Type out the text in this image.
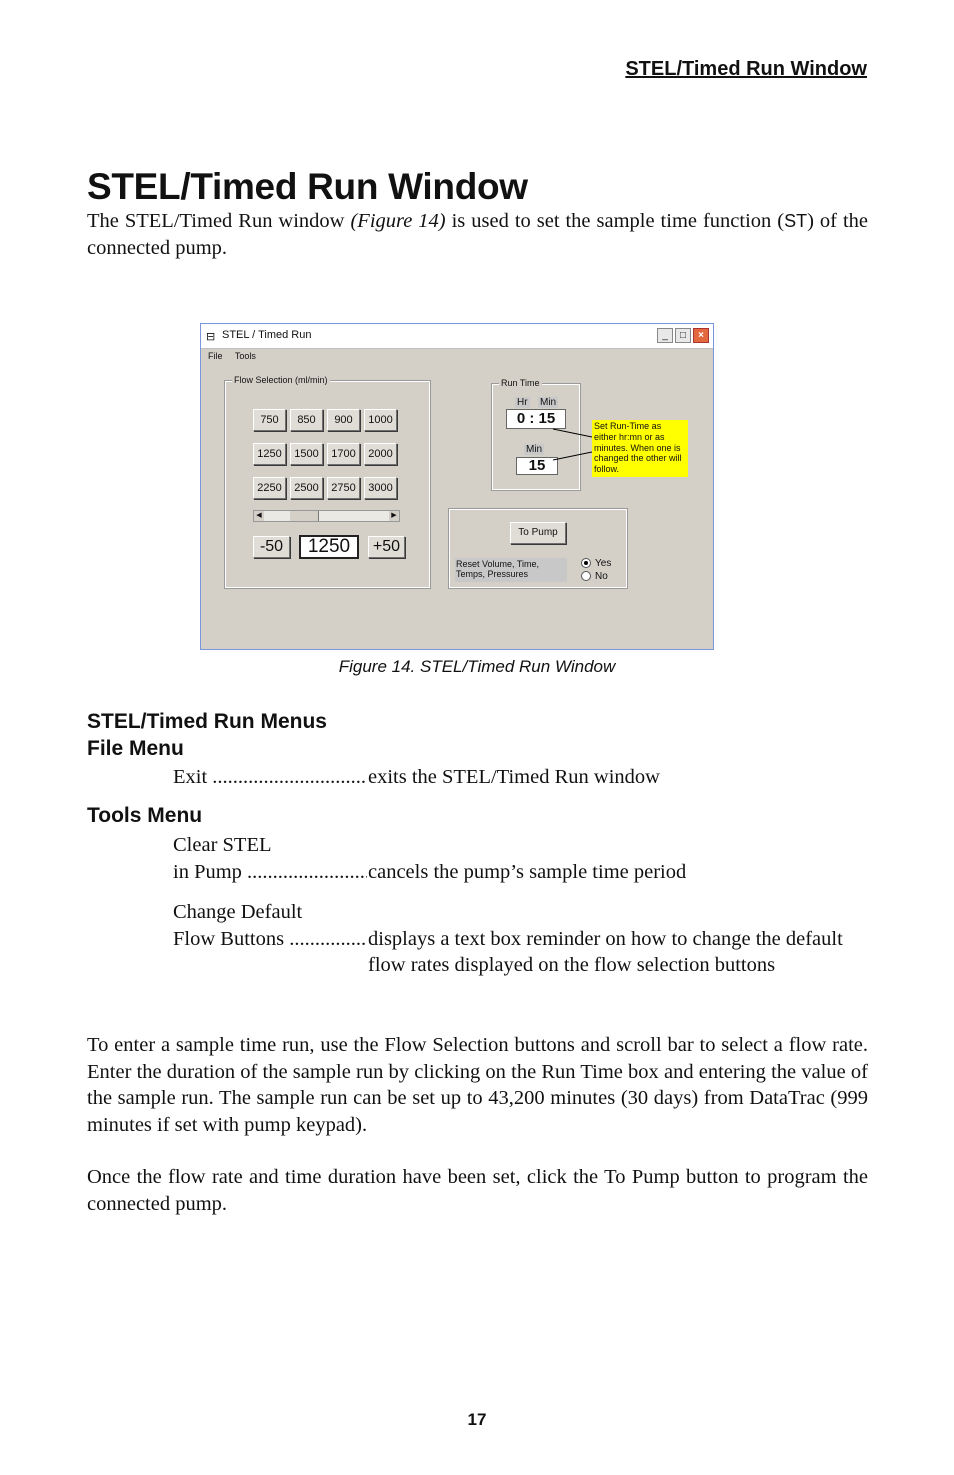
STEL/Timed Run Window
STEL/Timed Run Window

The STEL/Timed Run window (Figure 14) is used to set the sample time function (ST) of the connected pump.

⊟ STEL / Timed Run	_	□	×
File Tools
Flow Selection (ml/min)
750	850	900	1000
1250	1500	1700	2000
2250	2500	2750	3000
◀	▶
-50	1250	+50
Run Time
Hr Min
0 : 15
Min
15
Set Run-Time as either hr:mn or as minutes. When one is changed the other will follow.
To Pump
Reset Volume, Time, Temps, Pressures
Yes
No
Figure 14. STEL/Timed Run Window
STEL/Timed Run Menus
File Menu
Exit .....	exits the STEL/Timed Run window
Tools Menu
Clear STEL
in Pump .....	cancels the pump’s sample time period
Change Default
Flow Buttons .....	displays a text box reminder on how to change the default flow rates displayed on the flow selection buttons

To enter a sample time run, use the Flow Selection buttons and scroll bar to select a flow rate. Enter the duration of the sample run by clicking on the Run Time box and entering the value of the sample run. The sample run can be set up to 43,200 minutes (30 days) from DataTrac (999 minutes if set with pump keypad).

Once the flow rate and time duration have been set, click the To Pump button to program the connected pump.

17
